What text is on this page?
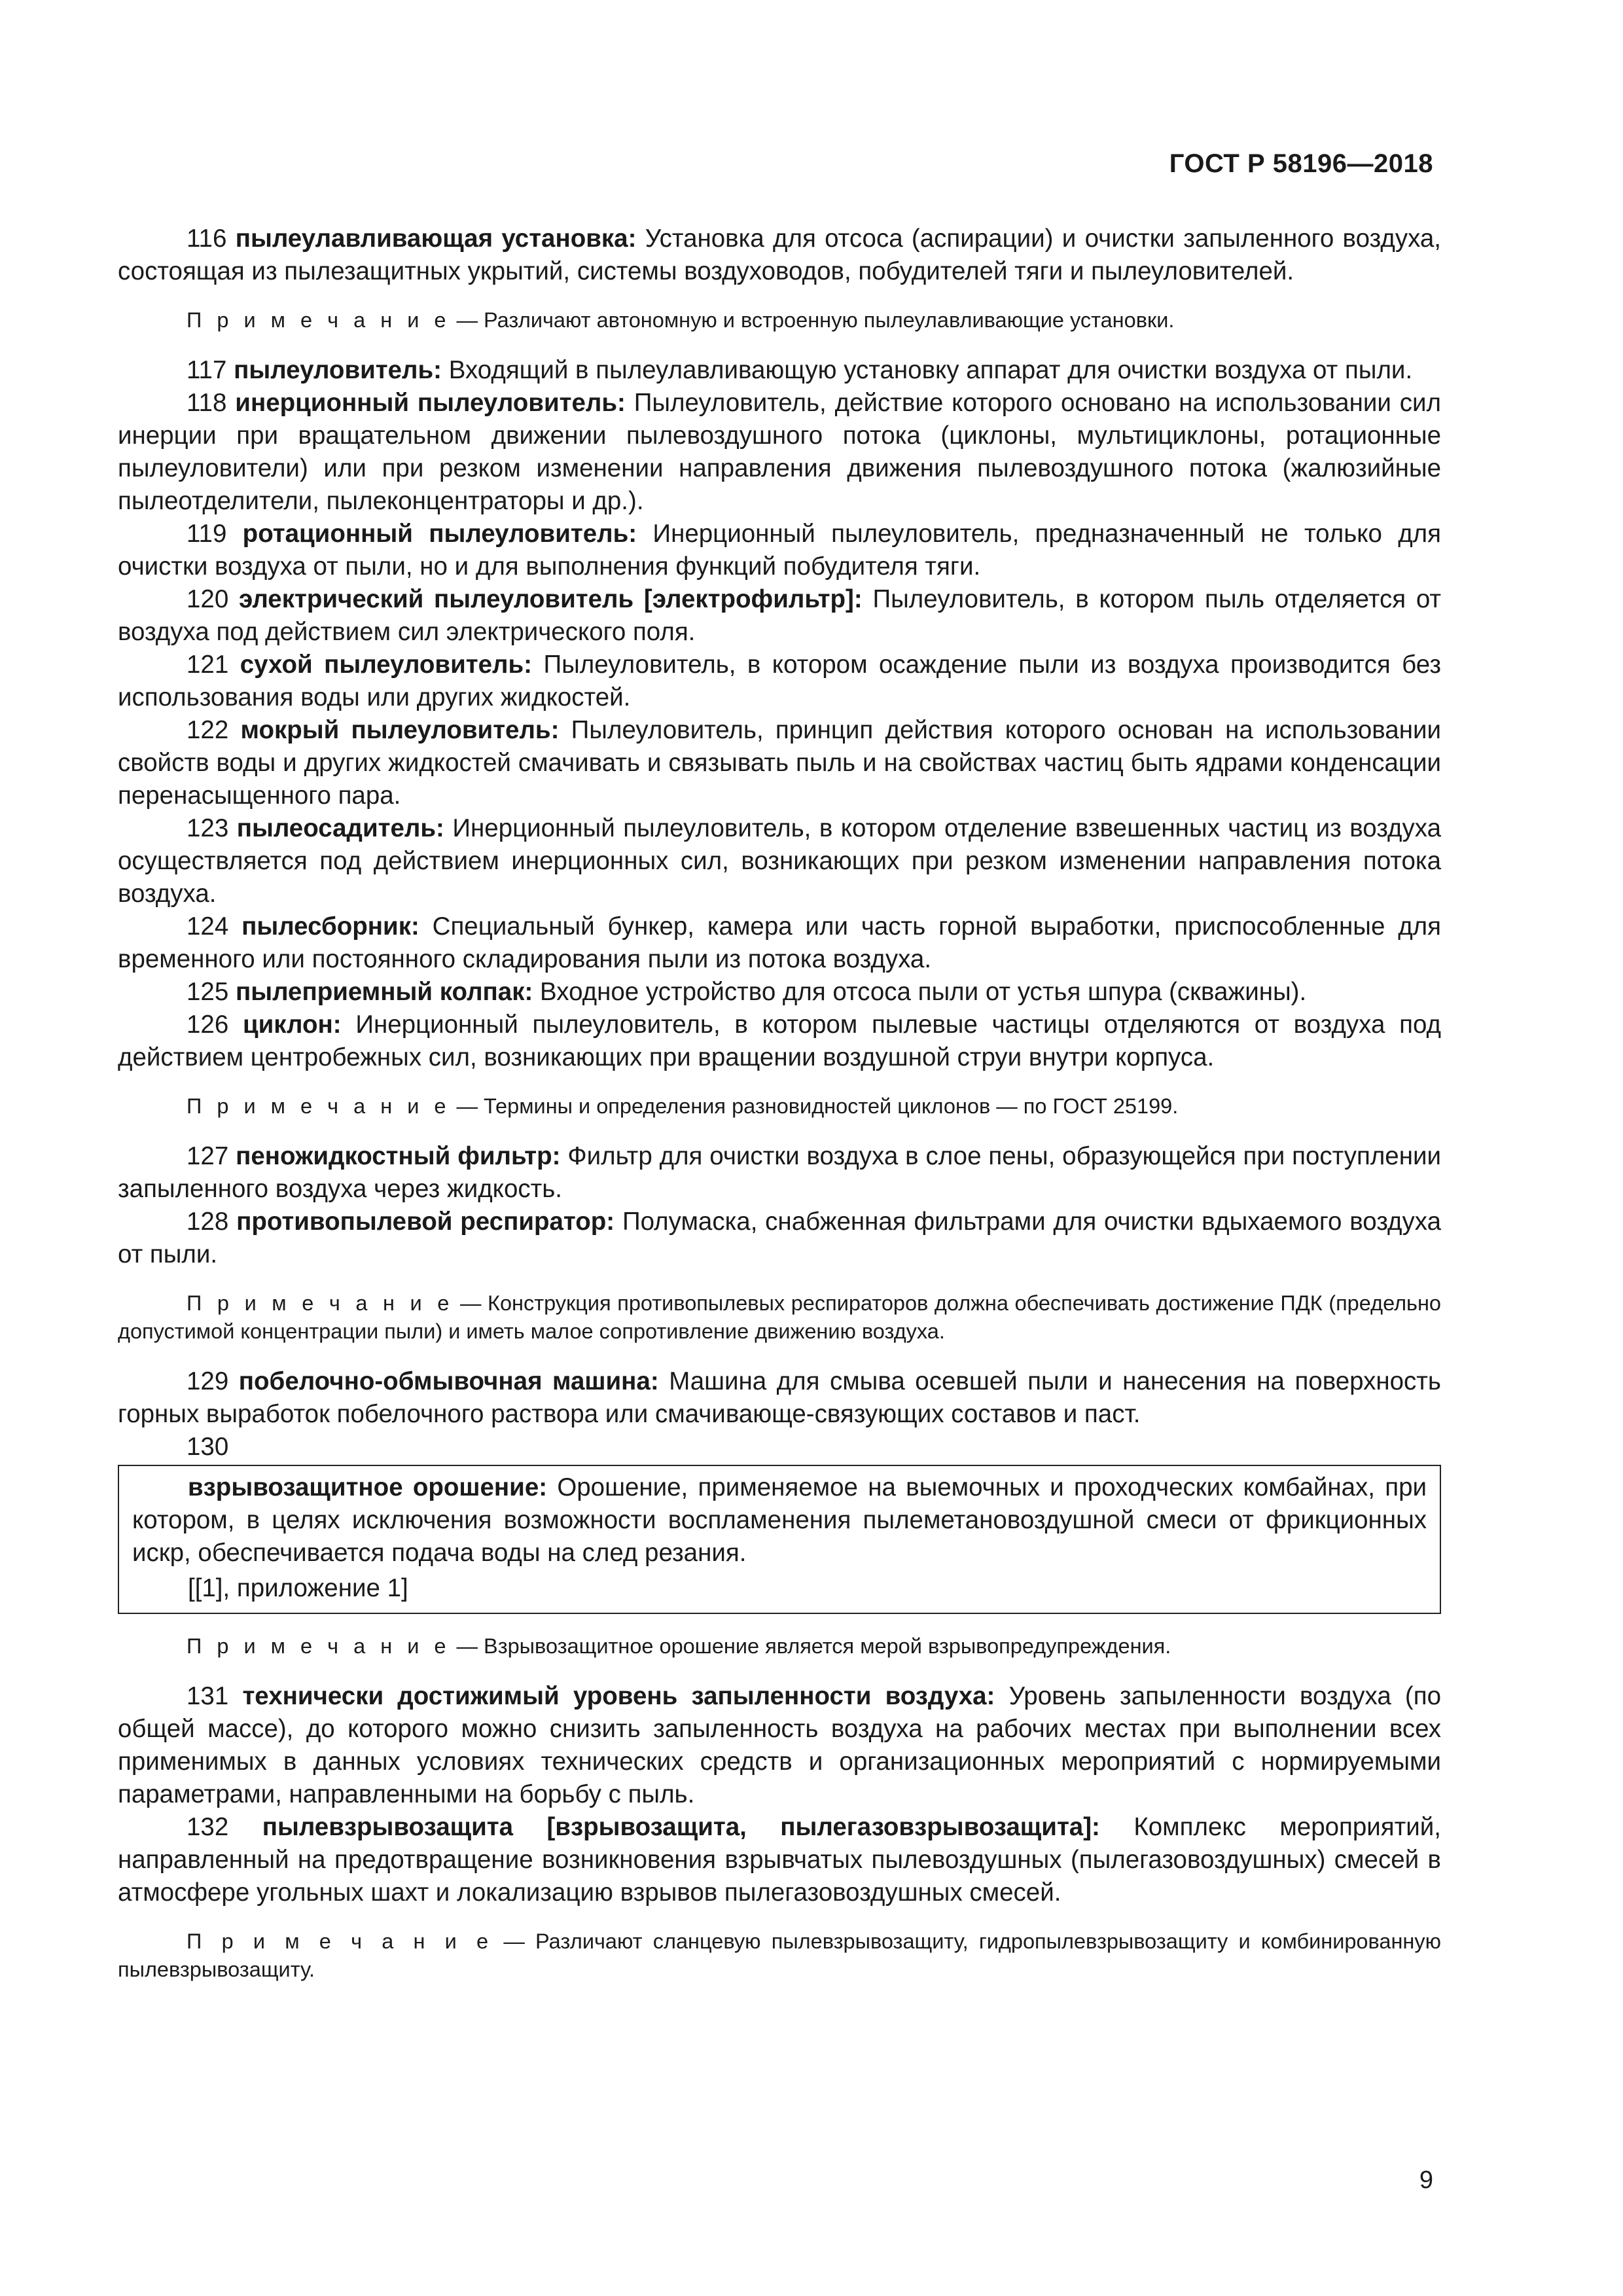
ГОСТ Р 58196—2018

116 пылеулавливающая установка: Установка для отсоса (аспирации) и очистки запыленного воздуха, состоящая из пылезащитных укрытий, системы воздуховодов, побудителей тяги и пылеуловителей.

П р и м е ч а н и е — Различают автономную и встроенную пылеулавливающие установки.

117 пылеуловитель: Входящий в пылеулавливающую установку аппарат для очистки воздуха от пыли.

118 инерционный пылеуловитель: Пылеуловитель, действие которого основано на использовании сил инерции при вращательном движении пылевоздушного потока (циклоны, мультициклоны, ротационные пылеуловители) или при резком изменении направления движения пылевоздушного потока (жалюзийные пылеотделители, пылеконцентраторы и др.).

119 ротационный пылеуловитель: Инерционный пылеуловитель, предназначенный не только для очистки воздуха от пыли, но и для выполнения функций побудителя тяги.

120 электрический пылеуловитель [электрофильтр]: Пылеуловитель, в котором пыль отделяется от воздуха под действием сил электрического поля.

121 сухой пылеуловитель: Пылеуловитель, в котором осаждение пыли из воздуха производится без использования воды или других жидкостей.

122 мокрый пылеуловитель: Пылеуловитель, принцип действия которого основан на использовании свойств воды и других жидкостей смачивать и связывать пыль и на свойствах частиц быть ядрами конденсации перенасыщенного пара.

123 пылеосадитель: Инерционный пылеуловитель, в котором отделение взвешенных частиц из воздуха осуществляется под действием инерционных сил, возникающих при резком изменении направления потока воздуха.

124 пылесборник: Специальный бункер, камера или часть горной выработки, приспособленные для временного или постоянного складирования пыли из потока воздуха.

125 пылеприемный колпак: Входное устройство для отсоса пыли от устья шпура (скважины).

126 циклон: Инерционный пылеуловитель, в котором пылевые частицы отделяются от воздуха под действием центробежных сил, возникающих при вращении воздушной струи внутри корпуса.

П р и м е ч а н и е — Термины и определения разновидностей циклонов — по ГОСТ 25199.

127 пеножидкостный фильтр: Фильтр для очистки воздуха в слое пены, образующейся при поступлении запыленного воздуха через жидкость.

128 противопылевой респиратор: Полумаска, снабженная фильтрами для очистки вдыхаемого воздуха от пыли.

П р и м е ч а н и е — Конструкция противопылевых респираторов должна обеспечивать достижение ПДК (предельно допустимой концентрации пыли) и иметь малое сопротивление движению воздуха.

129 побелочно-обмывочная машина: Машина для смыва осевшей пыли и нанесения на поверхность горных выработок побелочного раствора или смачивающе-связующих составов и паст.

130

взрывозащитное орошение: Орошение, применяемое на выемочных и проходческих комбайнах, при котором, в целях исключения возможности воспламенения пылеметановоздушной смеси от фрикционных искр, обеспечивается подача воды на след резания.

[[1], приложение 1]

П р и м е ч а н и е — Взрывозащитное орошение является мерой взрывопредупреждения.

131 технически достижимый уровень запыленности воздуха: Уровень запыленности воздуха (по общей массе), до которого можно снизить запыленность воздуха на рабочих местах при выполнении всех применимых в данных условиях технических средств и организационных мероприятий с нормируемыми параметрами, направленными на борьбу с пыль.

132 пылевзрывозащита [взрывозащита, пылегазовзрывозащита]: Комплекс мероприятий, направленный на предотвращение возникновения взрывчатых пылевоздушных (пылегазовоздушных) смесей в атмосфере угольных шахт и локализацию взрывов пылегазовоздушных смесей.

П р и м е ч а н и е — Различают сланцевую пылевзрывозащиту, гидропылевзрывозащиту и комбинированную пылевзрывозащиту.

9
